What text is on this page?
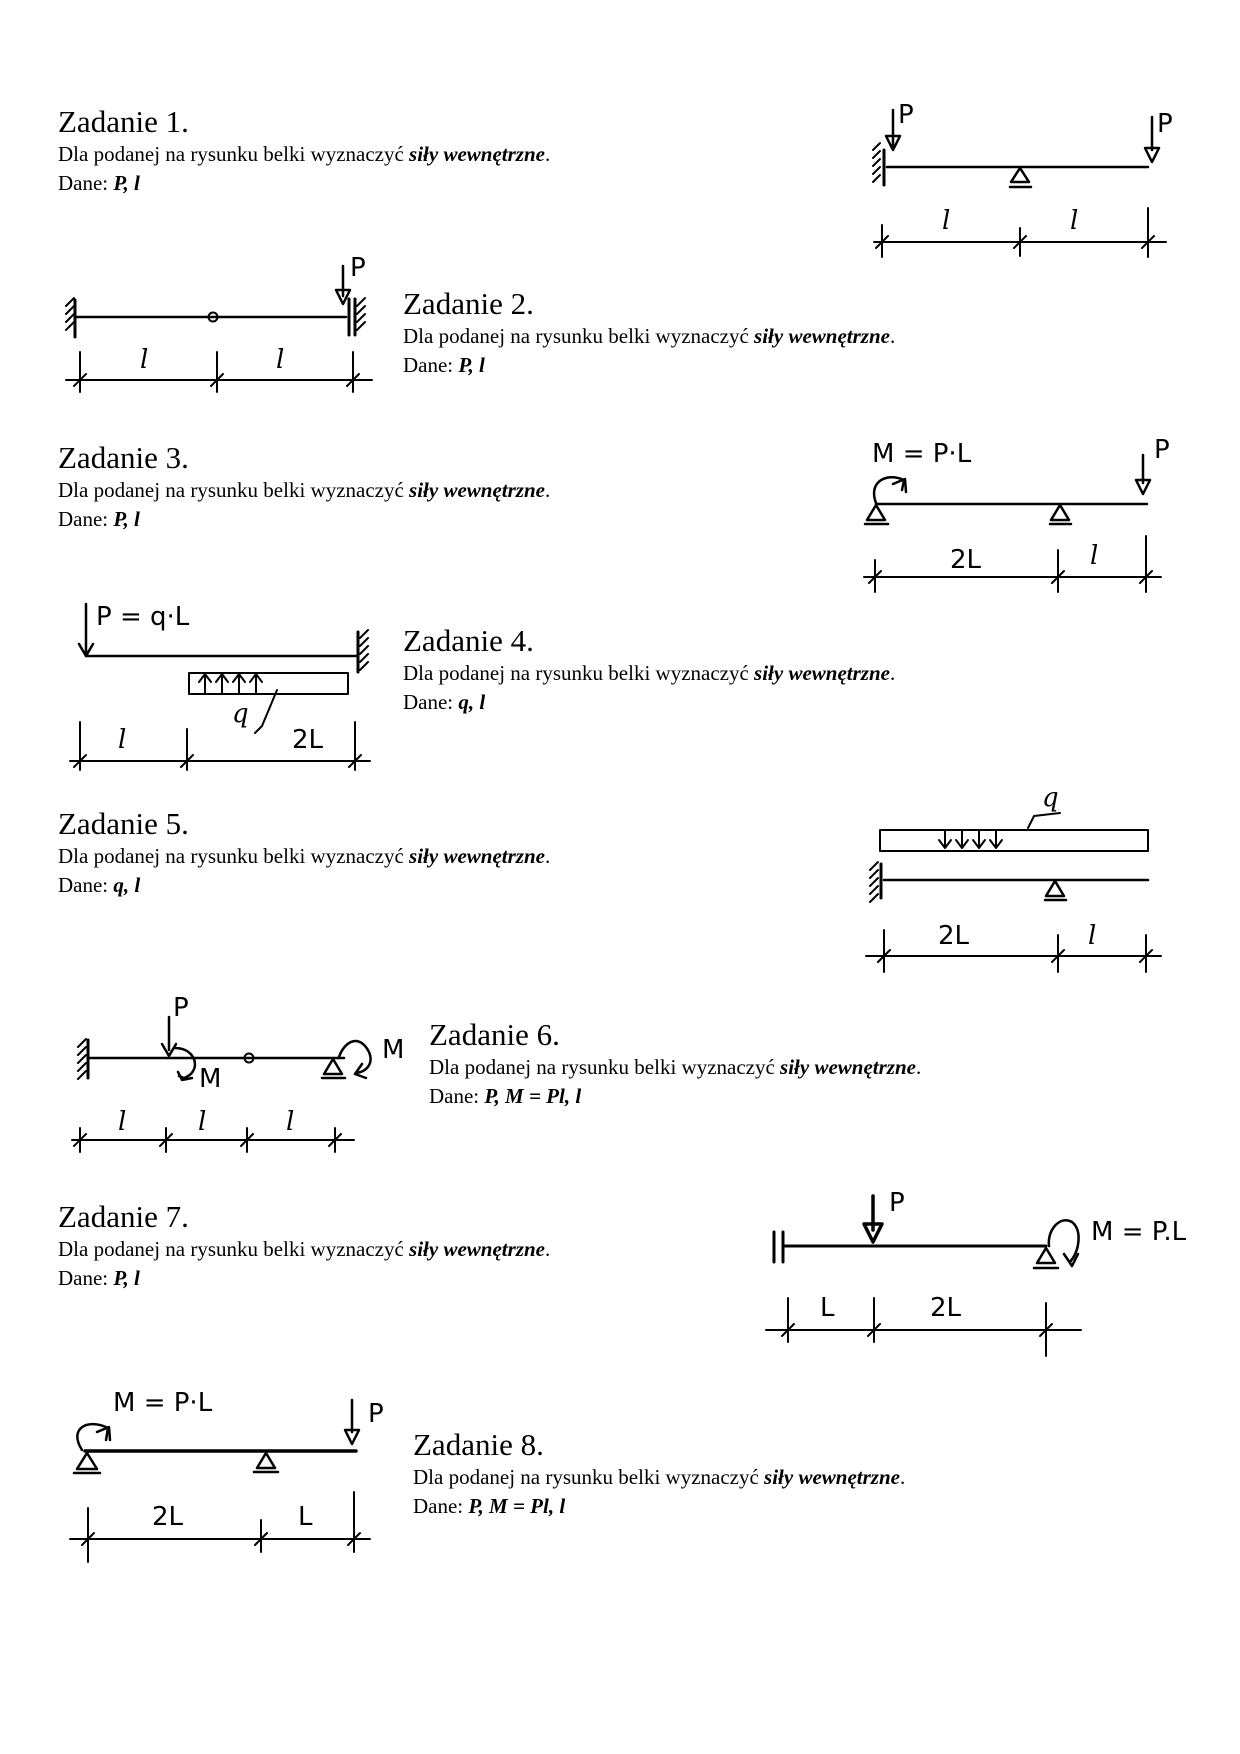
Zadanie 1.

Dla podanej na rysunku belki wyznaczyć siły wewnętrzne.

Dane: P, l

Zadanie 2.

Dla podanej na rysunku belki wyznaczyć siły wewnętrzne.

Dane: P, l

Zadanie 3.

Dla podanej na rysunku belki wyznaczyć siły wewnętrzne.

Dane: P, l

Zadanie 4.

Dla podanej na rysunku belki wyznaczyć siły wewnętrzne.

Dane: q, l

Zadanie 5.

Dla podanej na rysunku belki wyznaczyć siły wewnętrzne.

Dane: q, l

Zadanie 6.

Dla podanej na rysunku belki wyznaczyć siły wewnętrzne.

Dane: P, M = Pl, l

Zadanie 7.

Dla podanej na rysunku belki wyznaczyć siły wewnętrzne.

Dane: P, l

Zadanie 8.

Dla podanej na rysunku belki wyznaczyć siły wewnętrzne.

Dane: P, M = Pl, l

P	P
l	l
P
l	l
M = P·L	P
2L	l
P = q·L
q
l	2L
q
2L	l
P
M
M
l	l	l
P
M = P.L
L	2L
M = P·L	P
2L	L
